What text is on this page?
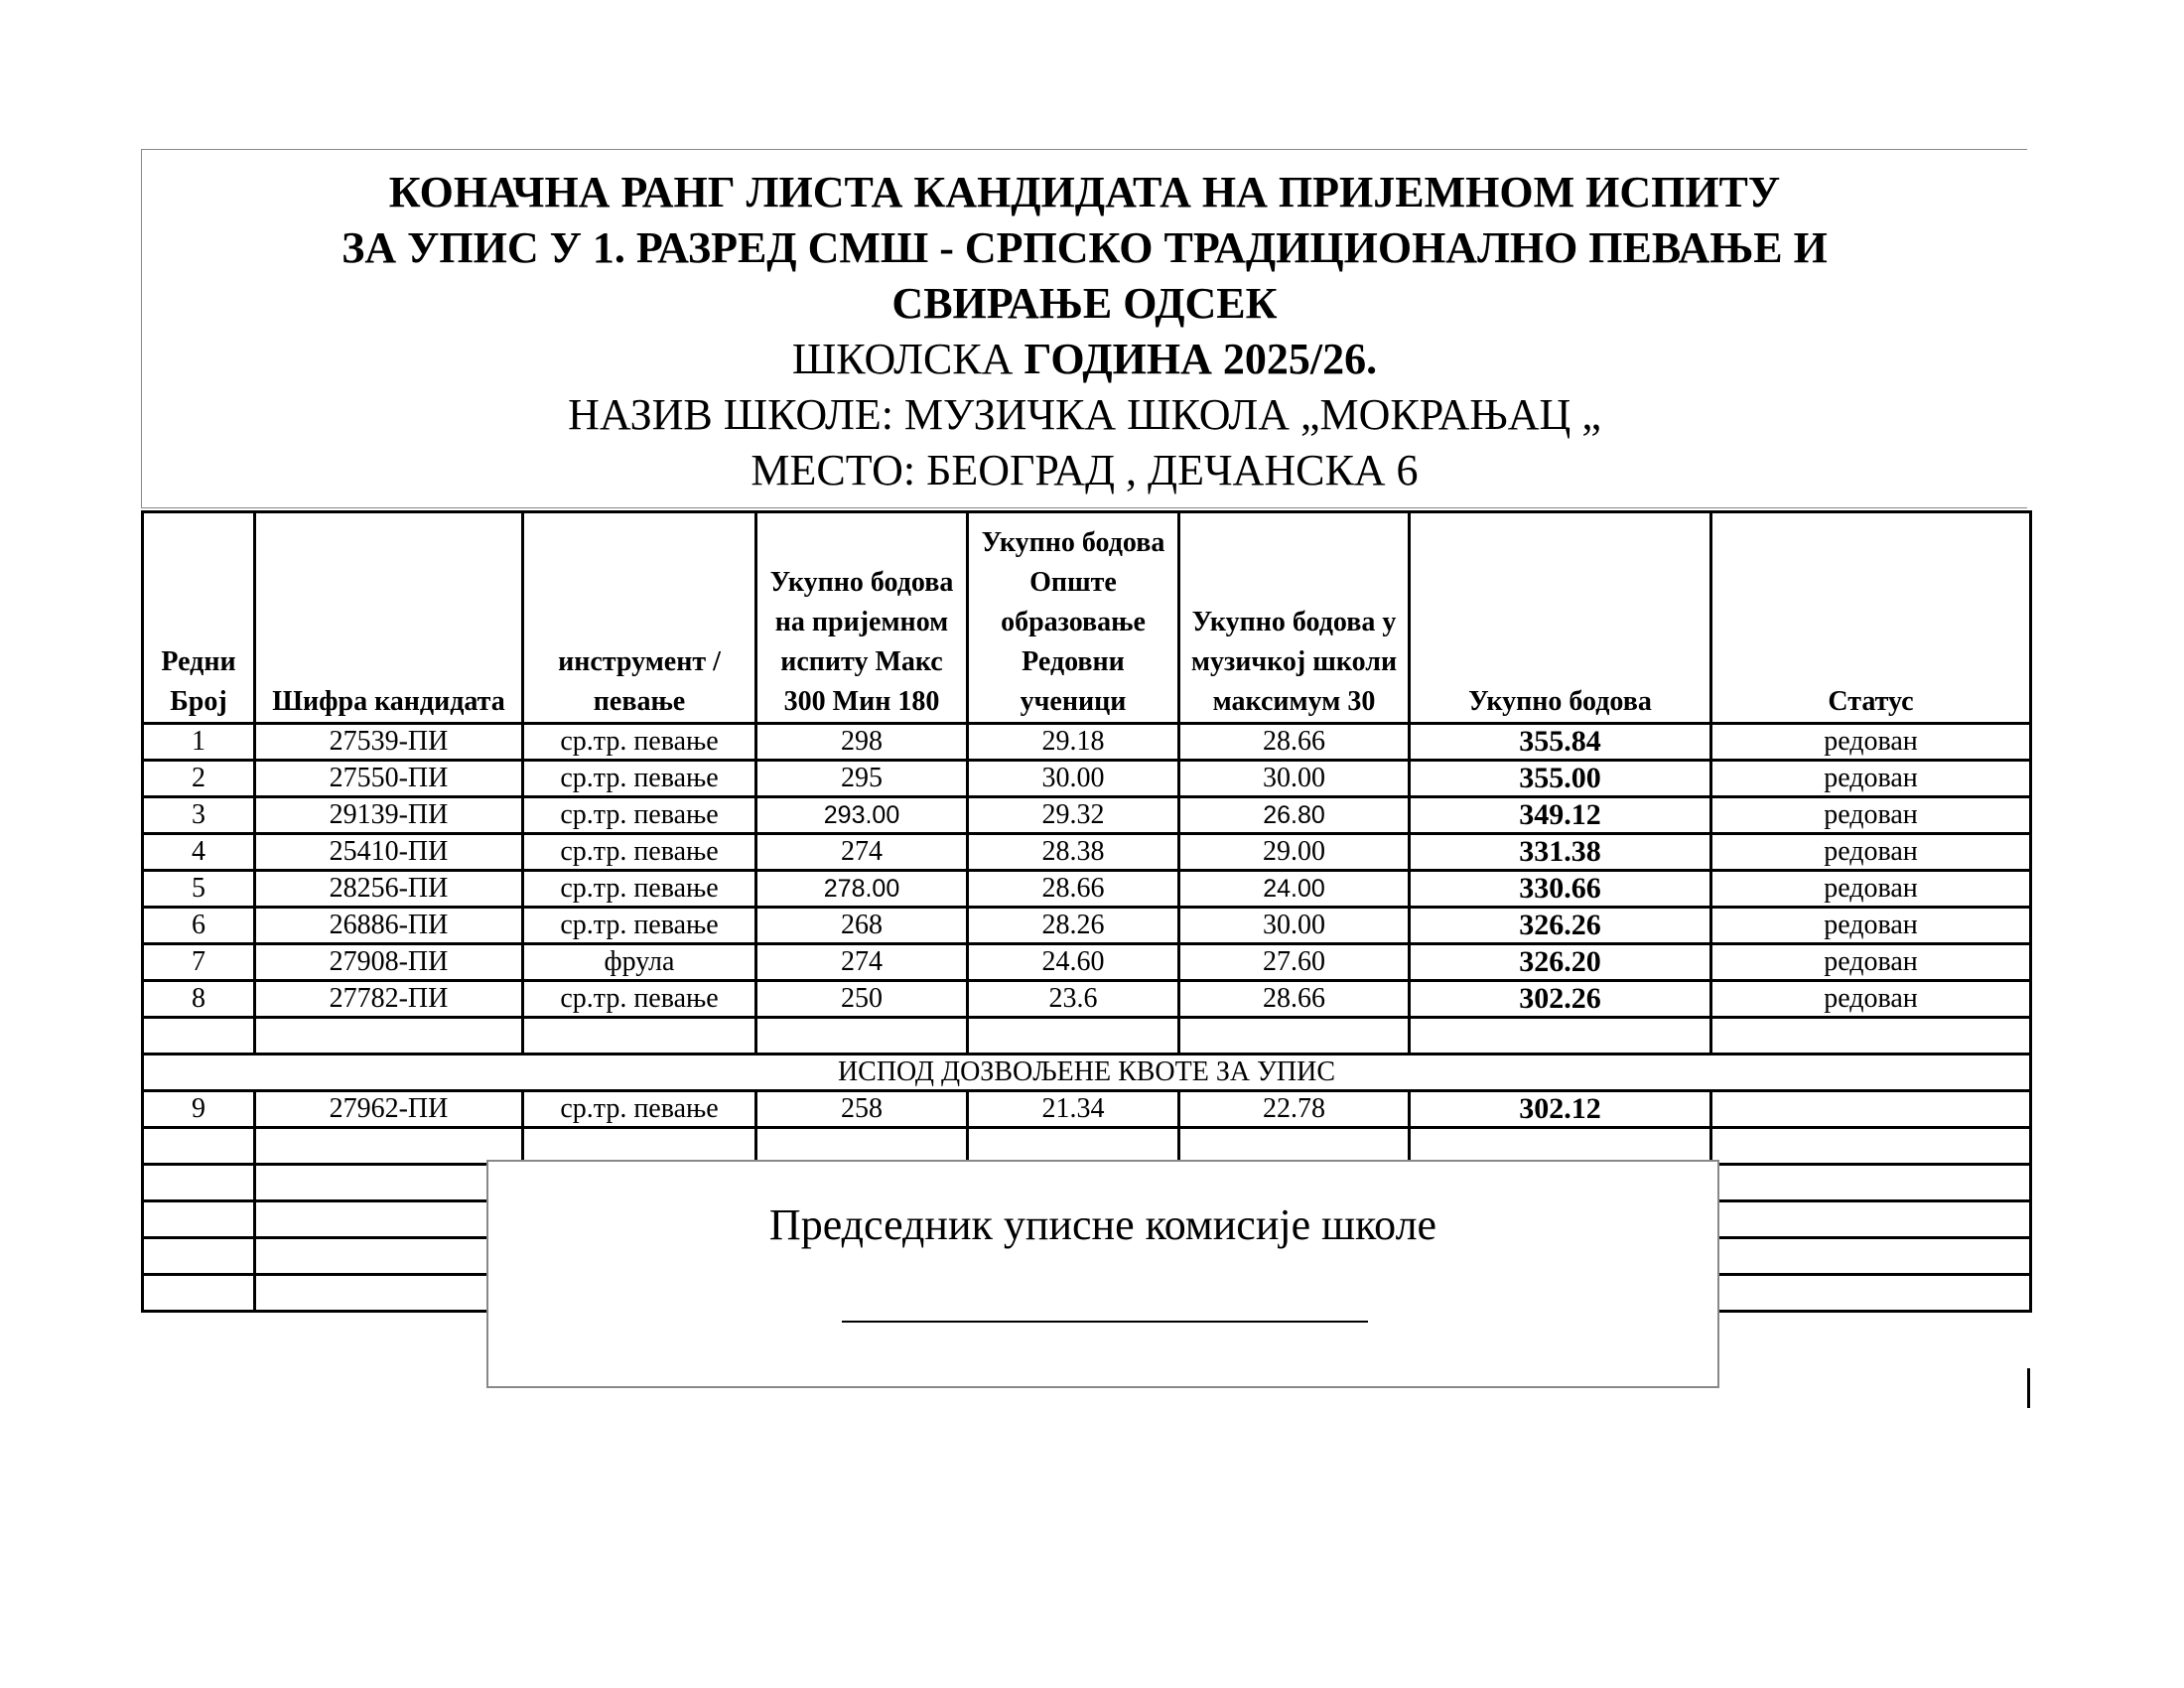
КОНАЧНА РАНГ ЛИСТА КАНДИДАТА НА ПРИЈЕМНОМ ИСПИТУ
ЗА УПИС У 1. РАЗРЕД СМШ - СРПСКО ТРАДИЦИОНАЛНО ПЕВАЊЕ И
СВИРАЊЕ ОДСЕК
ШКОЛСКА ГОДИНА 2025/26.
НАЗИВ ШКОЛЕ: МУЗИЧКА ШКОЛА „МОКРАЊАЦ „
МЕСТО: БЕОГРАД , ДЕЧАНСКА 6
Редни Број	Шифра кандидата	инструмент /певање	Укупно бодова на пријемном испиту Макс 300 Мин 180	Укупно бодова Опште образовање Редовни ученици	Укупно бодова у музичкој школи максимум 30	Укупно бодова	Статус

1	27539-ПИ	ср.тр. певање	298	29.18	28.66	355.84	редован
2	27550-ПИ	ср.тр. певање	295	30.00	30.00	355.00	редован
3	29139-ПИ	ср.тр. певање	293.00	29.32	26.80	349.12	редован
4	25410-ПИ	ср.тр. певање	274	28.38	29.00	331.38	редован
5	28256-ПИ	ср.тр. певање	278.00	28.66	24.00	330.66	редован
6	26886-ПИ	ср.тр. певање	268	28.26	30.00	326.26	редован
7	27908-ПИ	фрула	274	24.60	27.60	326.20	редован
8	27782-ПИ	ср.тр. певање	250	23.6	28.66	302.26	редован

ИСПОД ДОЗВОЉЕНЕ КВОТЕ ЗА УПИС							
9	27962-ПИ	ср.тр. певање	258	21.34	22.78	302.12	

Председник уписне комисије школе
